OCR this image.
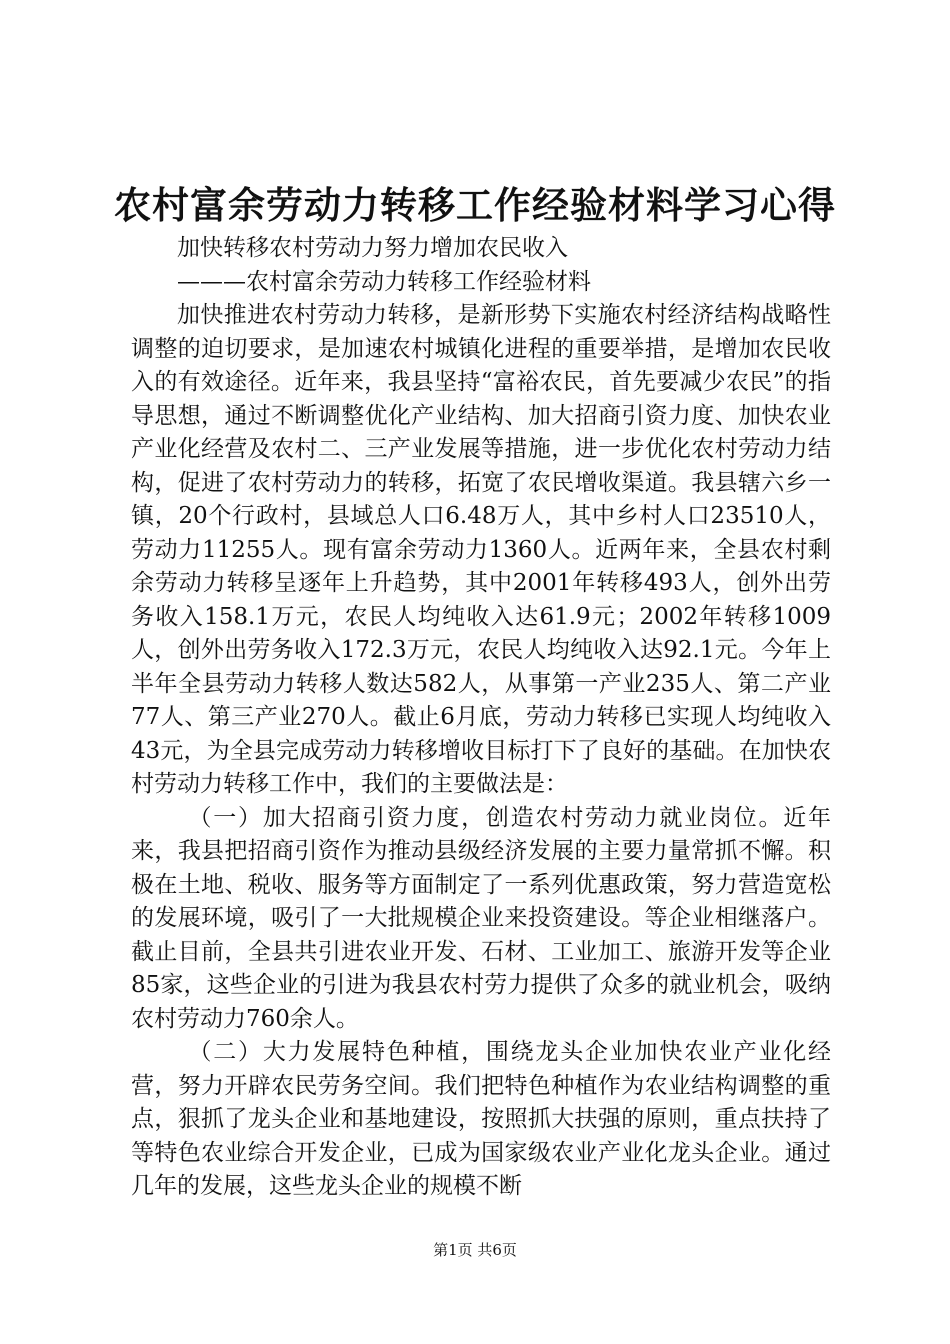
农村富余劳动力转移工作经验材料学习心得

加快转移农村劳动力努力增加农民收入

———农村富余劳动力转移工作经验材料

加快推进农村劳动力转移，是新形势下实施农村经济结构战略性调整的迫切要求，是加速农村城镇化进程的重要举措，是增加农民收入的有效途径。近年来，我县坚持“富裕农民，首先要减少农民”的指导思想，通过不断调整优化产业结构、加大招商引资力度、加快农业产业化经营及农村二、三产业发展等措施，进一步优化农村劳动力结构，促进了农村劳动力的转移，拓宽了农民增收渠道。我县辖六乡一镇，20个行政村，县域总人口6.48万人，其中乡村人口23510人，劳动力11255人。现有富余劳动力1360人。近两年来，全县农村剩余劳动力转移呈逐年上升趋势，其中2001年转移493人，创外出劳务收入158.1万元，农民人均纯收入达61.9元；2002年转移1009人，创外出劳务收入172.3万元，农民人均纯收入达92.1元。今年上半年全县劳动力转移人数达582人，从事第一产业235人、第二产业77人、第三产业270人。截止6月底，劳动力转移已实现人均纯收入43元，为全县完成劳动力转移增收目标打下了良好的基础。在加快农村劳动力转移工作中，我们的主要做法是：

（一）加大招商引资力度，创造农村劳动力就业岗位。近年来，我县把招商引资作为推动县级经济发展的主要力量常抓不懈。积极在土地、税收、服务等方面制定了一系列优惠政策，努力营造宽松的发展环境，吸引了一大批规模企业来投资建设。等企业相继落户。截止目前，全县共引进农业开发、石材、工业加工、旅游开发等企业85家，这些企业的引进为我县农村劳力提供了众多的就业机会，吸纳农村劳动力760余人。

（二）大力发展特色种植，围绕龙头企业加快农业产业化经营，努力开辟农民劳务空间。我们把特色种植作为农业结构调整的重点，狠抓了龙头企业和基地建设，按照抓大扶强的原则，重点扶持了等特色农业综合开发企业，已成为国家级农业产业化龙头企业。通过几年的发展，这些龙头企业的规模不断

第1页 共6页
